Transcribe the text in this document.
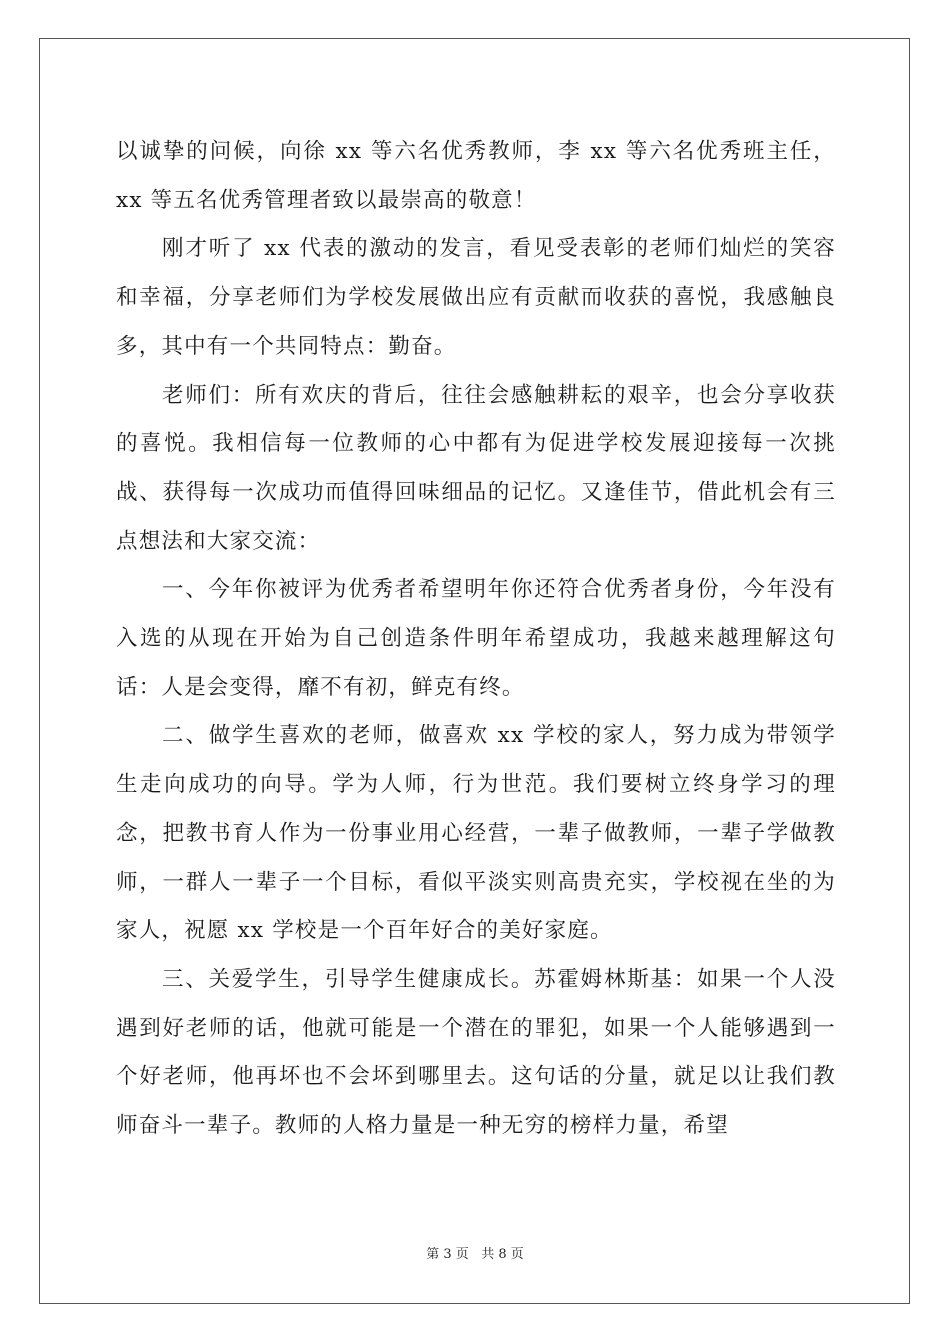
以诚挚的问候，向徐 xx 等六名优秀教师，李 xx 等六名优秀班主任，xx 等五名优秀管理者致以最崇高的敬意！

刚才听了 xx 代表的激动的发言，看见受表彰的老师们灿烂的笑容和幸福，分享老师们为学校发展做出应有贡献而收获的喜悦，我感触良多，其中有一个共同特点：勤奋。

老师们：所有欢庆的背后，往往会感触耕耘的艰辛，也会分享收获的喜悦。我相信每一位教师的心中都有为促进学校发展迎接每一次挑战、获得每一次成功而值得回味细品的记忆。又逢佳节，借此机会有三点想法和大家交流：

一、今年你被评为优秀者希望明年你还符合优秀者身份，今年没有入选的从现在开始为自己创造条件明年希望成功，我越来越理解这句话：人是会变得，靡不有初，鲜克有终。

二、做学生喜欢的老师，做喜欢 xx 学校的家人，努力成为带领学生走向成功的向导。学为人师，行为世范。我们要树立终身学习的理念，把教书育人作为一份事业用心经营，一辈子做教师，一辈子学做教师，一群人一辈子一个目标，看似平淡实则高贵充实，学校视在坐的为家人，祝愿 xx 学校是一个百年好合的美好家庭。

三、关爱学生，引导学生健康成长。苏霍姆林斯基：如果一个人没遇到好老师的话，他就可能是一个潜在的罪犯，如果一个人能够遇到一个好老师，他再坏也不会坏到哪里去。这句话的分量，就足以让我们教师奋斗一辈子。教师的人格力量是一种无穷的榜样力量，希望

第 3 页 共 8 页
